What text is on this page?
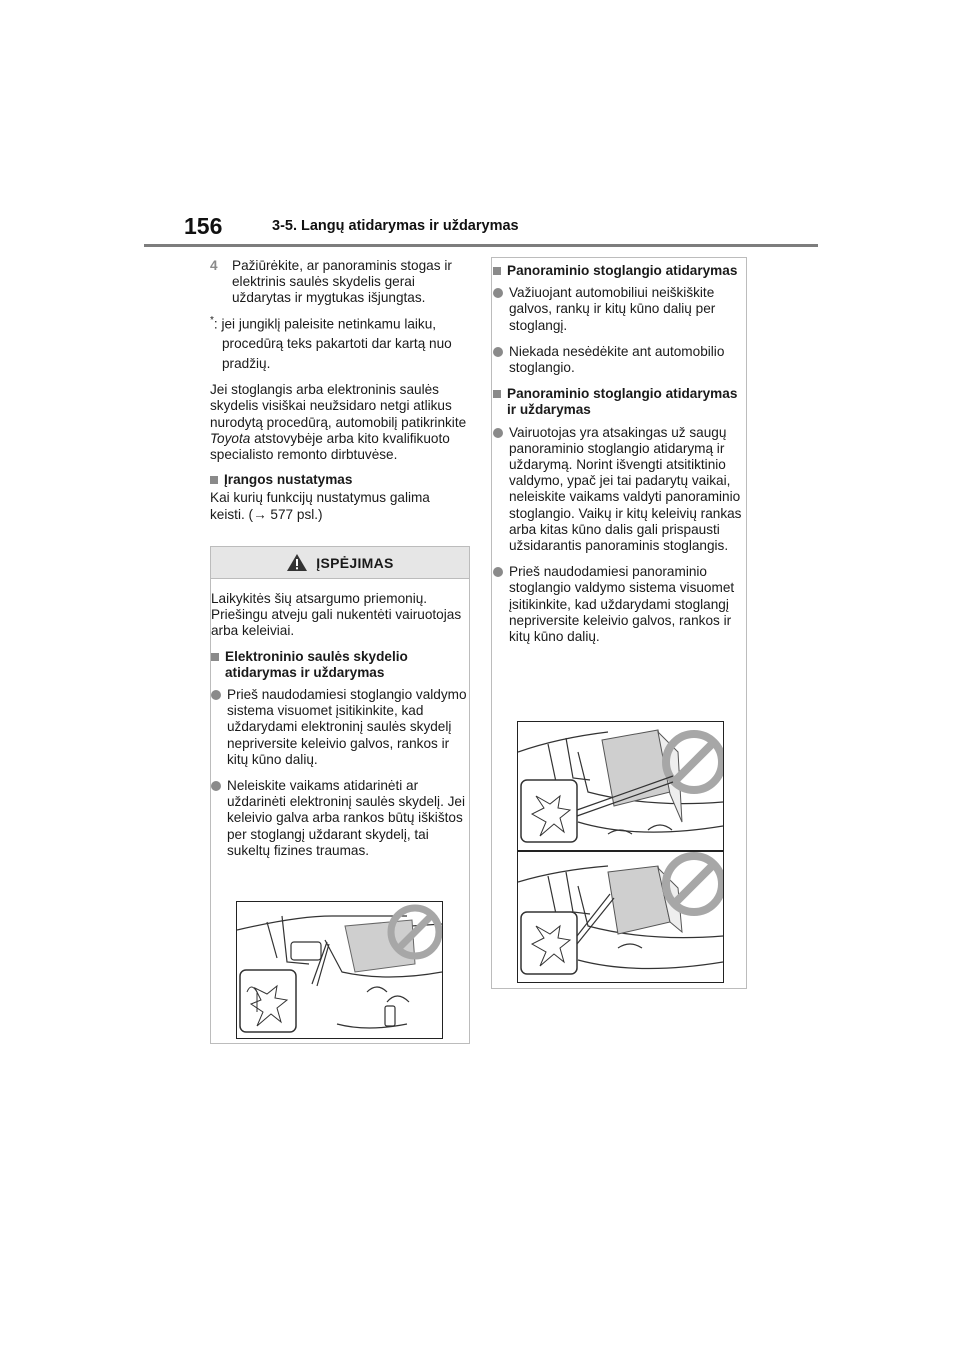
156	3-5. Langų atidarymas ir uždarymas
4	Pažiūrėkite, ar panoraminis stogas ir elektrinis saulės skydelis gerai uždarytas ir mygtukas išjungtas.
*: jei jungiklį paleisite netinkamu laiku,
procedūrą teks pakartoti dar kartą nuo
pradžių.
Jei stoglangis arba elektroninis saulės skydelis visiškai neužsidaro netgi atlikus nurodytą procedūrą, automobilį patikrinkite Toyota atstovybėje arba kito kvalifikuoto specialisto remonto dirbtuvėse.
Įrangos nustatymas
Kai kurių funkcijų nustatymus galima keisti. (→ 577 psl.)
ĮSPĖJIMAS
Laikykitės šių atsargumo priemonių. Priešingu atveju gali nukentėti vairuotojas arba keleiviai.
Elektroninio saulės skydelio atidarymas ir uždarymas
Prieš naudodamiesi stoglangio valdymo sistema visuomet įsitikinkite, kad uždarydami elektroninį saulės skydelį nepriversite keleivio galvos, rankos ir kitų kūno dalių.
Neleiskite vaikams atidarinėti ar uždarinėti elektroninį saulės skydelį. Jei keleivio galva arba rankos būtų iškištos per stoglangį uždarant skydelį, tai sukeltų fizines traumas.
Panoraminio stoglangio atidarymas
Važiuojant automobiliui neiškiškite galvos, rankų ir kitų kūno dalių per stoglangį.
Niekada nesėdėkite ant automobilio stoglangio.
Panoraminio stoglangio atidarymas ir uždarymas
Vairuotojas yra atsakingas už saugų panoraminio stoglangio atidarymą ir uždarymą. Norint išvengti atsitiktinio valdymo, ypač jei tai padarytų vaikai, neleiskite vaikams valdyti panoraminio stoglangio. Vaikų ir kitų keleivių rankas arba kitas kūno dalis gali prispausti užsidarantis panoraminis stoglangis.
Prieš naudodamiesi panoraminio stoglangio valdymo sistema visuomet įsitikinkite, kad uždarydami stoglangį nepriversite keleivio galvos, rankos ir kitų kūno dalių.
